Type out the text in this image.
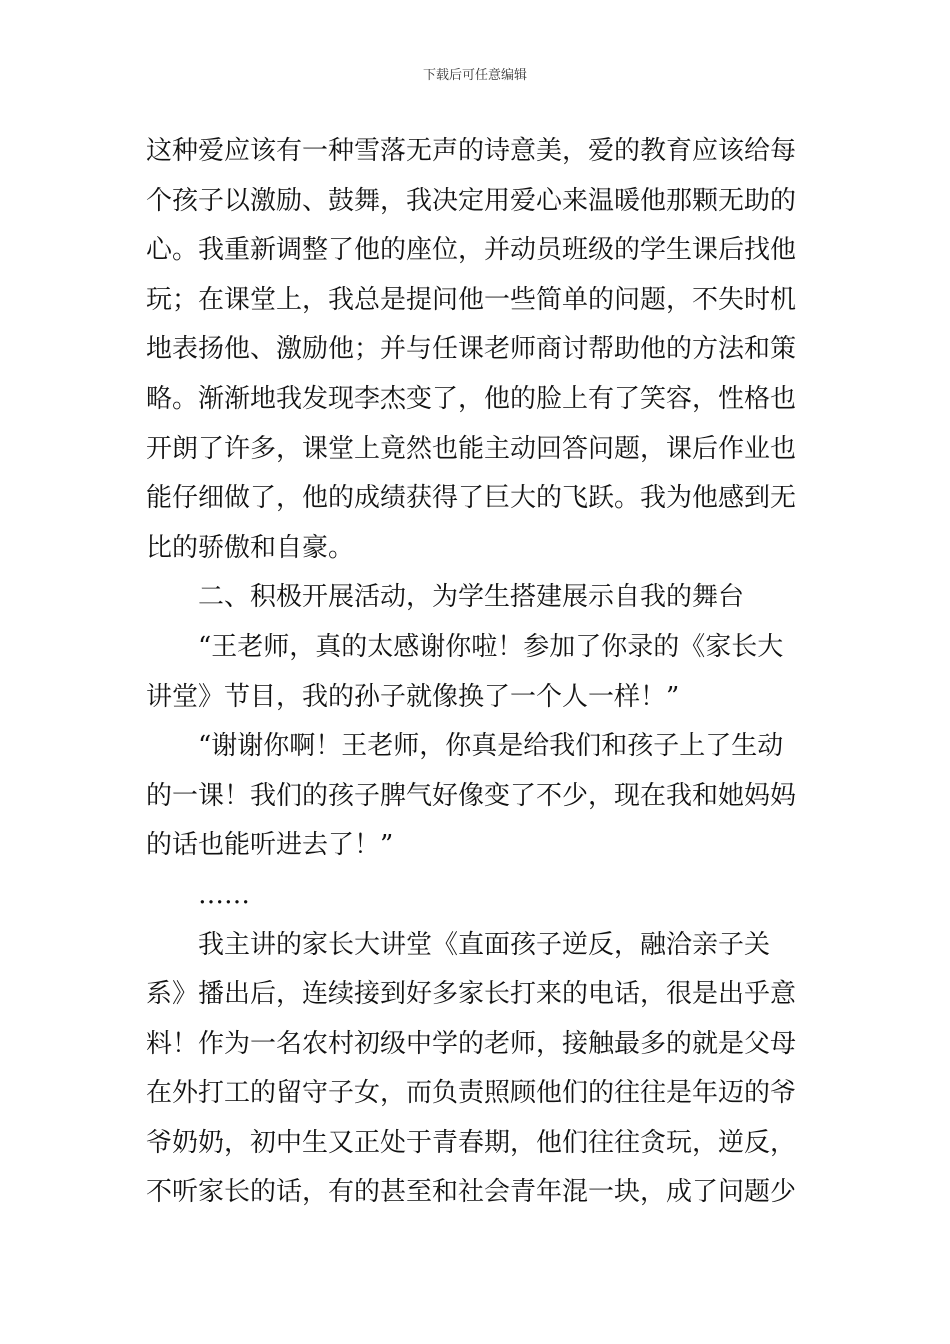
下载后可任意编辑
这种爱应该有一种雪落无声的诗意美，爱的教育应该给每
个孩子以激励、鼓舞，我决定用爱心来温暖他那颗无助的
心。我重新调整了他的座位，并动员班级的学生课后找他
玩；在课堂上，我总是提问他一些简单的问题，不失时机
地表扬他、激励他；并与任课老师商讨帮助他的方法和策
略。渐渐地我发现李杰变了，他的脸上有了笑容，性格也
开朗了许多，课堂上竟然也能主动回答问题，课后作业也
能仔细做了，他的成绩获得了巨大的飞跃。我为他感到无
比的骄傲和自豪。
二、积极开展活动，为学生搭建展示自我的舞台
“王老师，真的太感谢你啦！参加了你录的《家长大
讲堂》节目，我的孙子就像换了一个人一样！”
“谢谢你啊！王老师，你真是给我们和孩子上了生动
的一课！我们的孩子脾气好像变了不少，现在我和她妈妈
的话也能听进去了！”
……
我主讲的家长大讲堂《直面孩子逆反，融洽亲子关
系》播出后，连续接到好多家长打来的电话，很是出乎意
料！作为一名农村初级中学的老师，接触最多的就是父母
在外打工的留守子女，而负责照顾他们的往往是年迈的爷
爷奶奶，初中生又正处于青春期，他们往往贪玩，逆反，
不听家长的话，有的甚至和社会青年混一块，成了问题少
